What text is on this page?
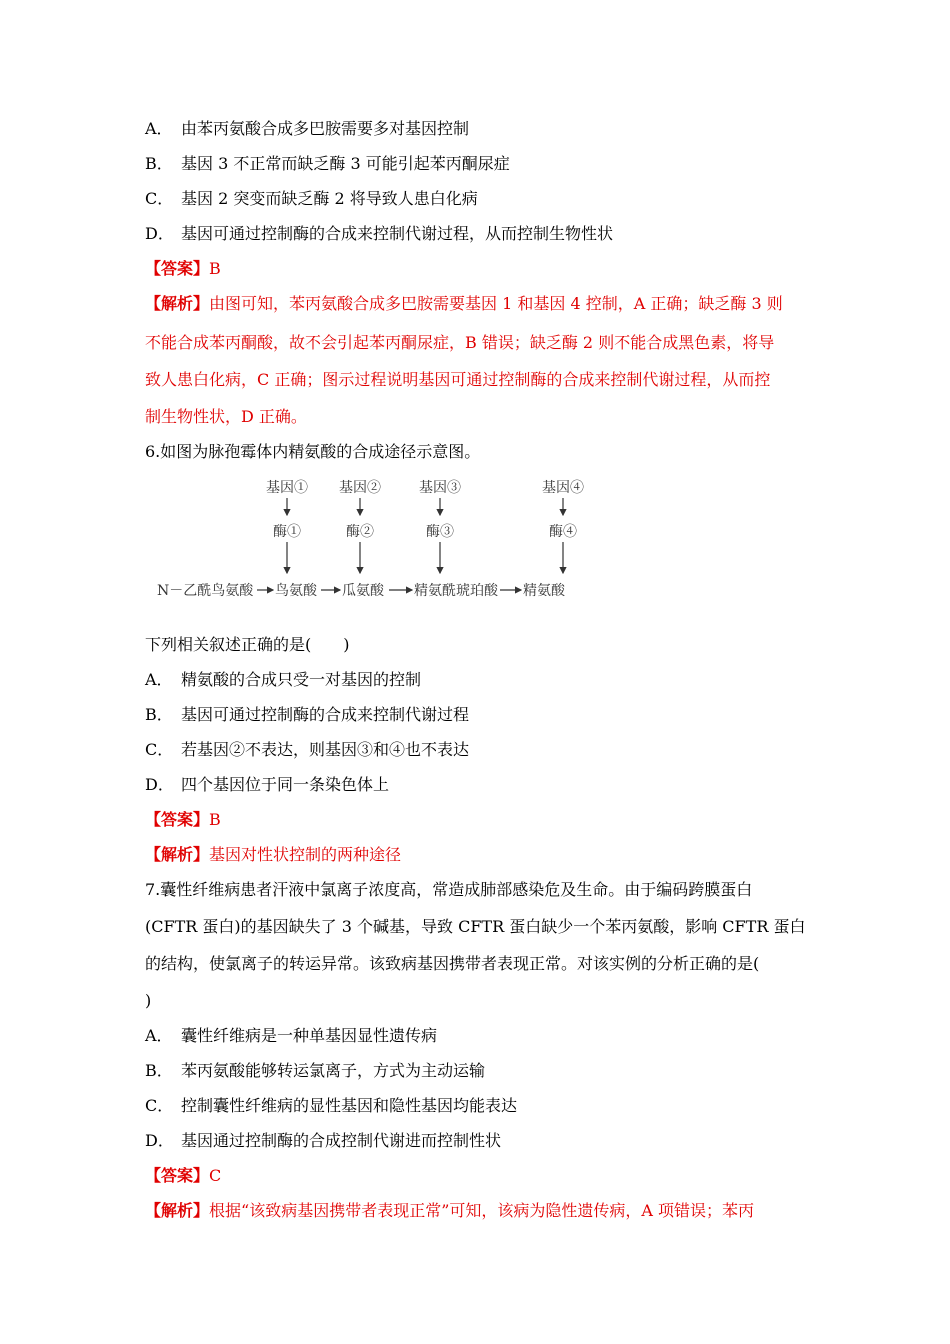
A． 由苯丙氨酸合成多巴胺需要多对基因控制
B． 基因 3 不正常而缺乏酶 3 可能引起苯丙酮尿症
C． 基因 2 突变而缺乏酶 2 将导致人患白化病
D． 基因可通过控制酶的合成来控制代谢过程，从而控制生物性状
【答案】B
【解析】由图可知，苯丙氨酸合成多巴胺需要基因 1 和基因 4 控制，A 正确；缺乏酶 3 则
不能合成苯丙酮酸，故不会引起苯丙酮尿症，B 错误；缺乏酶 2 则不能合成黑色素，将导
致人患白化病，C 正确；图示过程说明基因可通过控制酶的合成来控制代谢过程，从而控
制生物性状，D 正确。
6.如图为脉孢霉体内精氨酸的合成途径示意图。
基因① 基因②	基因③	基因④
酶①	酶②	酶③	酶④
N－乙酰鸟氨酸 鸟氨酸 瓜氨酸 精氨酰琥珀酸 精氨酸
下列相关叙述正确的是(　　)
A． 精氨酸的合成只受一对基因的控制
B． 基因可通过控制酶的合成来控制代谢过程
C． 若基因②不表达，则基因③和④也不表达
D． 四个基因位于同一条染色体上
【答案】B
【解析】基因对性状控制的两种途径
7.囊性纤维病患者汗液中氯离子浓度高，常造成肺部感染危及生命。由于编码跨膜蛋白
(CFTR 蛋白)的基因缺失了 3 个碱基，导致 CFTR 蛋白缺少一个苯丙氨酸，影响 CFTR 蛋白
的结构，使氯离子的转运异常。该致病基因携带者表现正常。对该实例的分析正确的是(
)
A． 囊性纤维病是一种单基因显性遗传病
B． 苯丙氨酸能够转运氯离子，方式为主动运输
C． 控制囊性纤维病的显性基因和隐性基因均能表达
D． 基因通过控制酶的合成控制代谢进而控制性状
【答案】C
【解析】根据“该致病基因携带者表现正常”可知，该病为隐性遗传病，A 项错误；苯丙
